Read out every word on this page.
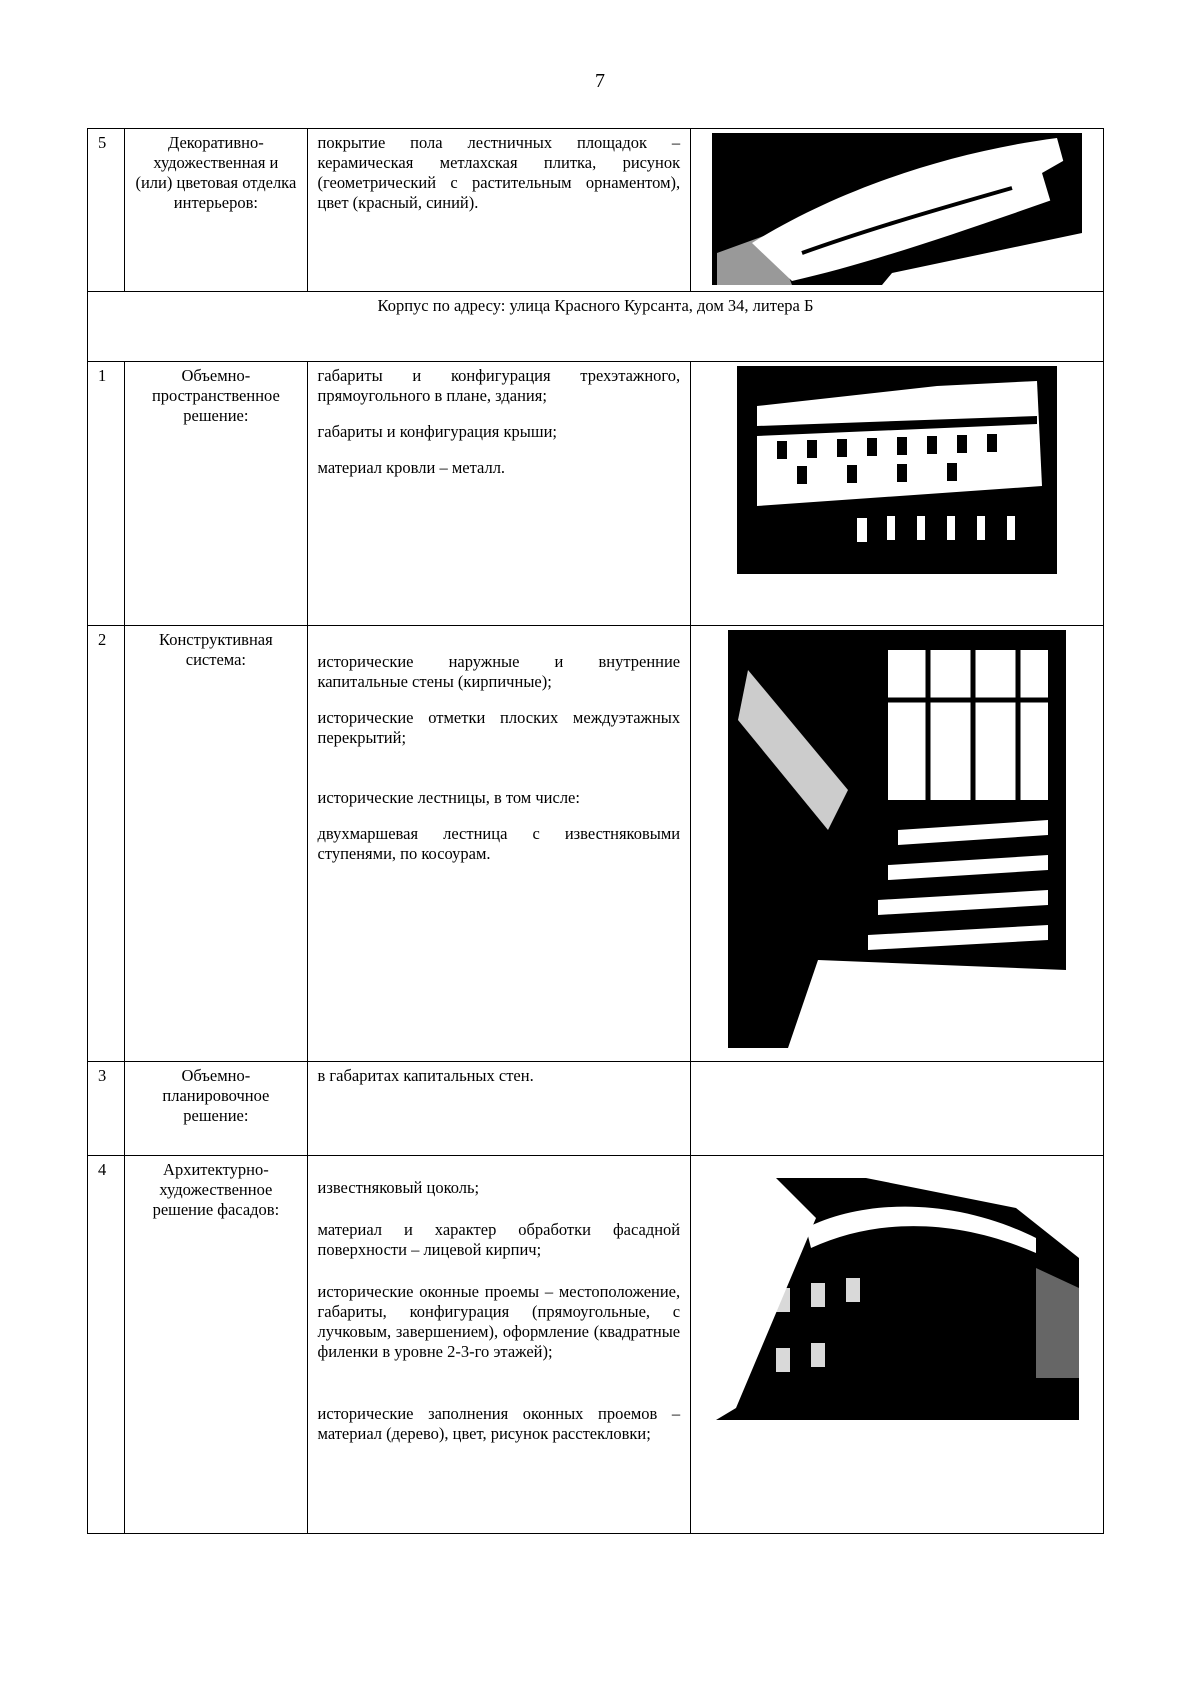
7
5	Декоративно-художественная и (или) цветовая отделка интерьеров:	покрытие пола лестничных площадок – керамическая метлахская плитка, рисунок (геометрический с растительным орнаментом), цвет (красный, синий).

Корпус по адресу: улица Красного Курсанта, дом 34, литера Б			
1	Объемно-пространственное решение:	габариты и конфигурация трехэтажного, прямоугольного в плане, здания;

габариты и конфигурация крыши;

материал кровли – металл.

2	Конструктивная система:	исторические наружные и внутренние капитальные стены (кирпичные);

исторические отметки плоских междуэтажных перекрытий;

исторические лестницы, в том числе:

двухмаршевая лестница с известняковыми ступенями, по косоурам.

3	Объемно-планировочное решение:	в габаритах капитальных стен.	

4	Архитектурно-художественное решение фасадов:	известняковый цоколь;

материал и характер обработки фасадной поверхности – лицевой кирпич;

исторические оконные проемы – местоположение, габариты, конфигурация (прямоугольные, с лучковым, завершением), оформление (квадратные филенки в уровне 2-3-го этажей);

исторические заполнения оконных проемов – материал (дерево), цвет, рисунок расстекловки;
